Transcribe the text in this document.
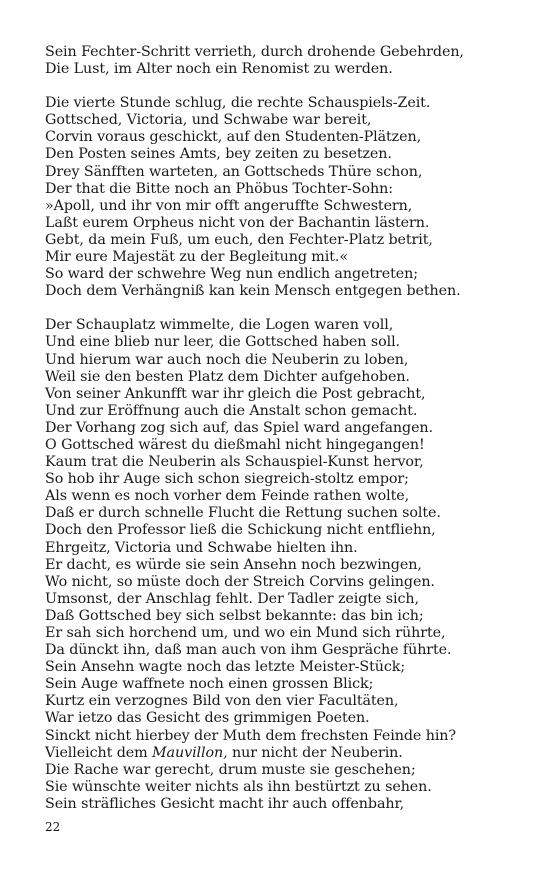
Sein Fechter-Schritt verrieth, durch drohende Gebehrden,
Die Lust, im Alter noch ein Renomist zu werden.
Die vierte Stunde schlug, die rechte Schauspiels-Zeit.
Gottsched, Victoria, und Schwabe war bereit,
Corvin voraus geschickt, auf den Studenten-Plätzen,
Den Posten seines Amts, bey zeiten zu besetzen.
Drey Sänfften warteten, an Gottscheds Thüre schon,
Der that die Bitte noch an Phöbus Tochter-Sohn:
»Apoll, und ihr von mir offt angeruffte Schwestern,
Laßt eurem Orpheus nicht von der Bachantin lästern.
Gebt, da mein Fuß, um euch, den Fechter-Platz betrit,
Mir eure Majestät zu der Begleitung mit.«
So ward der schwehre Weg nun endlich angetreten;
Doch dem Verhängniß kan kein Mensch entgegen bethen.
Der Schauplatz wimmelte, die Logen waren voll,
Und eine blieb nur leer, die Gottsched haben soll.
Und hierum war auch noch die Neuberin zu loben,
Weil sie den besten Platz dem Dichter aufgehoben.
Von seiner Ankunfft war ihr gleich die Post gebracht,
Und zur Eröffnung auch die Anstalt schon gemacht.
Der Vorhang zog sich auf, das Spiel ward angefangen.
O Gottsched wärest du dießmahl nicht hingegangen!
Kaum trat die Neuberin als Schauspiel-Kunst hervor,
So hob ihr Auge sich schon siegreich-stoltz empor;
Als wenn es noch vorher dem Feinde rathen wolte,
Daß er durch schnelle Flucht die Rettung suchen solte.
Doch den Professor ließ die Schickung nicht entfliehn,
Ehrgeitz, Victoria und Schwabe hielten ihn.
Er dacht, es würde sie sein Ansehn noch bezwingen,
Wo nicht, so müste doch der Streich Corvins gelingen.
Umsonst, der Anschlag fehlt. Der Tadler zeigte sich,
Daß Gottsched bey sich selbst bekannte: das bin ich;
Er sah sich horchend um, und wo ein Mund sich rührte,
Da dünckt ihn, daß man auch von ihm Gespräche führte.
Sein Ansehn wagte noch das letzte Meister-Stück;
Sein Auge waffnete noch einen grossen Blick;
Kurtz ein verzognes Bild von den vier Facultäten,
War ietzo das Gesicht des grimmigen Poeten.
Sinckt nicht hierbey der Muth dem frechsten Feinde hin?
Vielleicht dem Mauvillon, nur nicht der Neuberin.
Die Rache war gerecht, drum muste sie geschehen;
Sie wünschte weiter nichts als ihn bestürtzt zu sehen.
Sein sträfliches Gesicht macht ihr auch offenbahr,
22
